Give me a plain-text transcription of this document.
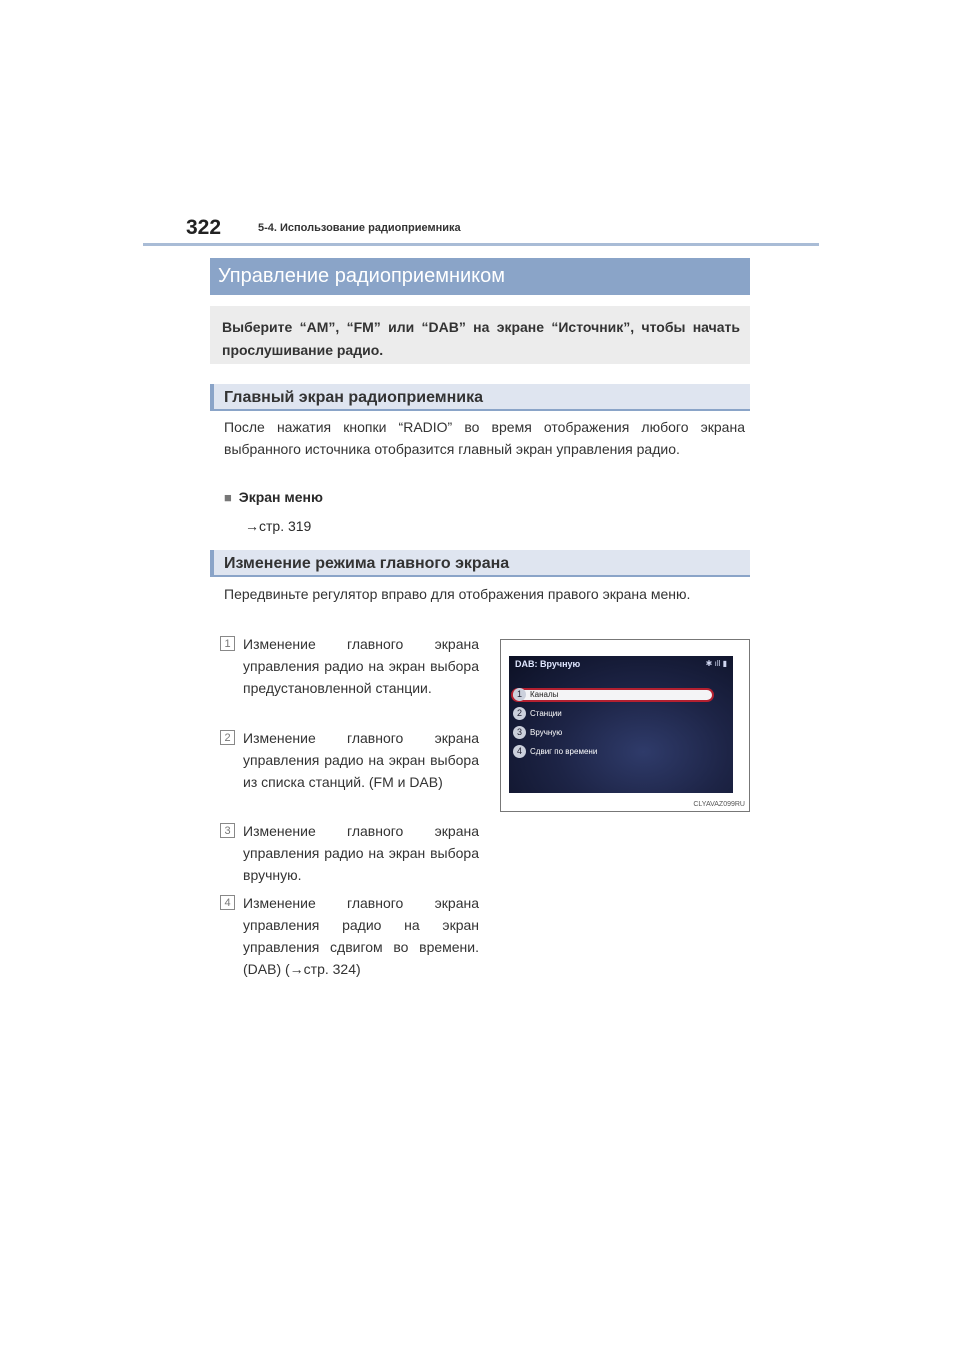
322	5-4. Использование радиоприемника
Управление радиоприемником
Выберите “AM”, “FM” или “DAB” на экране “Источник”, чтобы начать прослушивание радио.
Главный экран радиоприемника
После нажатия кнопки “RADIO” во время отображения любого экрана выбранного источника отобразится главный экран управления радио.
■ Экран меню
→стр. 319
Изменение режима главного экрана
Передвиньте регулятор вправо для отображения правого экрана меню.
1 Изменение главного экрана управления радио на экран выбора предустановленной станции.
2 Изменение главного экрана управления радио на экран выбора из списка станций. (FM и DAB)
3 Изменение главного экрана управления радио на экран выбора вручную.
4 Изменение главного экрана управления радио на экран управления сдвигом во времени. (DAB) (→стр. 324)
CLYAVAZ099RU
DAB: Вручную	✱ ıll ▮
1 Каналы
2 Станции
3 Вручную
4 Сдвиг по времени
